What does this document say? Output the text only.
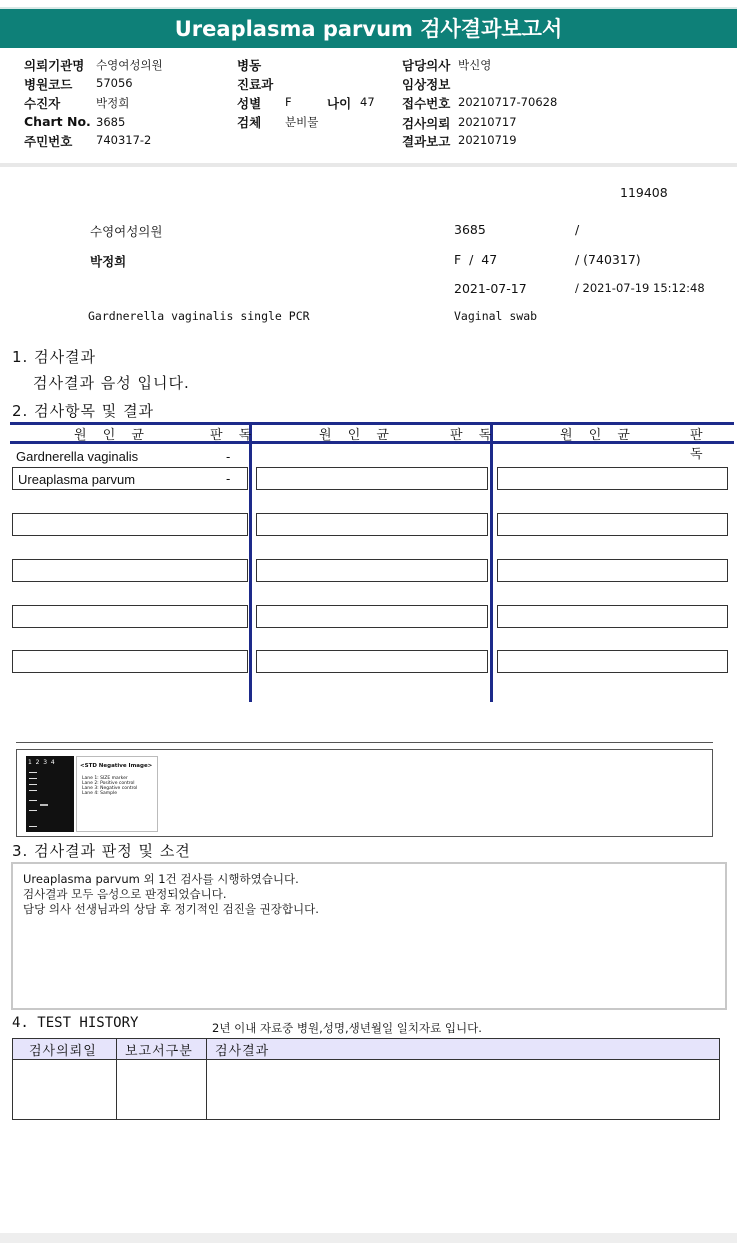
Ureaplasma parvum 검사결과보고서
의뢰기관명 수영여성의원
병원코드 57056
수진자	박정희
Chart No. 3685
주민번호 740317-2
병동
진료과
성별 F	나이 47
검체 분비물
담당의사 박신영
임상정보
접수번호 20210717-70628
검사의뢰 20210717
결과보고 20210719
119408
수영여성의원	3685	/
박정희	F  /  47	/ (740317)
2021-07-17	/ 2021-07-19 15:12:48
Gardnerella vaginalis single PCR	Vaginal swab
1. 검사결과
검사결과 음성 입니다.
2. 검사항목 및 결과
원 인 균	판 독	원 인 균	판 독	원 인 균	판 독
Gardnerella vaginalis	-
Ureaplasma parvum	-
1  2  3  4	<STD Negative Image>
Lane 1: SIZE marker
Lane 2: Positive control
Lane 3: Negative control
Lane 4: Sample
3. 검사결과 판정 및 소견
Ureaplasma parvum 외 1건 검사를 시행하였습니다.
검사결과 모두 음성으로 판정되었습니다.
담당 의사 선생님과의 상담 후 정기적인 검진을 권장합니다.
4. TEST HISTORY	2년 이내 자료중 병원,성명,생년월일 일치자료 입니다.
검사의뢰일	보고서구분	검사결과
